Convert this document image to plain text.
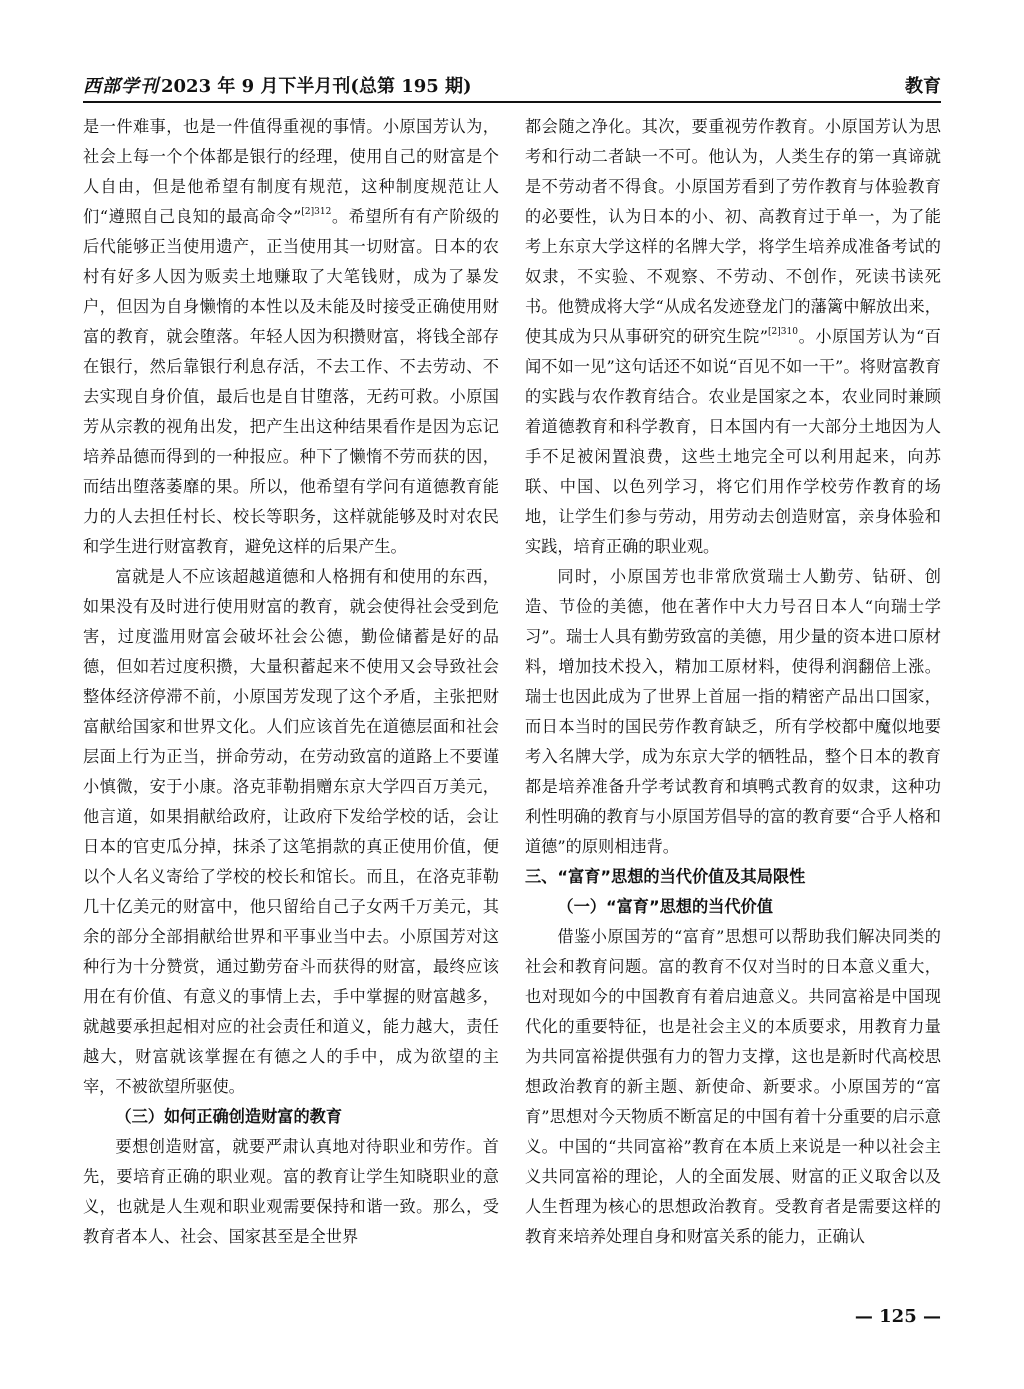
西部学刊 2023 年 9 月下半月刊(总第 195 期)	教育

是一件难事，也是一件值得重视的事情。小原国芳认为，社会上每一个个体都是银行的经理，使用自己的财富是个人自由，但是他希望有制度有规范，这种制度规范让人们“遵照自己良知的最高命令”$^{[2]312}$。希望所有有产阶级的后代能够正当使用遗产，正当使用其一切财富。日本的农村有好多人因为贩卖土地赚取了大笔钱财，成为了暴发户，但因为自身懒惰的本性以及未能及时接受正确使用财富的教育，就会堕落。年轻人因为积攒财富，将钱全部存在银行，然后靠银行利息存活，不去工作、不去劳动、不去实现自身价值，最后也是自甘堕落，无药可救。小原国芳从宗教的视角出发，把产生出这种结果看作是因为忘记培养品德而得到的一种报应。种下了懒惰不劳而获的因，而结出堕落萎靡的果。所以，他希望有学问有道德教育能力的人去担任村长、校长等职务，这样就能够及时对农民和学生进行财富教育，避免这样的后果产生。

富就是人不应该超越道德和人格拥有和使用的东西，如果没有及时进行使用财富的教育，就会使得社会受到危害，过度滥用财富会破坏社会公德，勤俭储蓄是好的品德，但如若过度积攒，大量积蓄起来不使用又会导致社会整体经济停滞不前，小原国芳发现了这个矛盾，主张把财富献给国家和世界文化。人们应该首先在道德层面和社会层面上行为正当，拼命劳动，在劳动致富的道路上不要谨小慎微，安于小康。洛克菲勒捐赠东京大学四百万美元，他言道，如果捐献给政府，让政府下发给学校的话，会让日本的官吏瓜分掉，抹杀了这笔捐款的真正使用价值，便以个人名义寄给了学校的校长和馆长。而且，在洛克菲勒几十亿美元的财富中，他只留给自己子女两千万美元，其余的部分全部捐献给世界和平事业当中去。小原国芳对这种行为十分赞赏，通过勤劳奋斗而获得的财富，最终应该用在有价值、有意义的事情上去，手中掌握的财富越多，就越要承担起相对应的社会责任和道义，能力越大，责任越大，财富就该掌握在有德之人的手中，成为欲望的主宰，不被欲望所驱使。

（三）如何正确创造财富的教育

要想创造财富，就要严肃认真地对待职业和劳作。首先，要培育正确的职业观。富的教育让学生知晓职业的意义，也就是人生观和职业观需要保持和谐一致。那么，受教育者本人、社会、国家甚至是全世界

都会随之净化。其次，要重视劳作教育。小原国芳认为思考和行动二者缺一不可。他认为，人类生存的第一真谛就是不劳动者不得食。小原国芳看到了劳作教育与体验教育的必要性，认为日本的小、初、高教育过于单一，为了能考上东京大学这样的名牌大学，将学生培养成准备考试的奴隶，不实验、不观察、不劳动、不创作，死读书读死书。他赞成将大学“从成名发迹登龙门的藩篱中解放出来，使其成为只从事研究的研究生院”$^{[2]310}$。小原国芳认为“百闻不如一见”这句话还不如说“百见不如一干”。将财富教育的实践与农作教育结合。农业是国家之本，农业同时兼顾着道德教育和科学教育，日本国内有一大部分土地因为人手不足被闲置浪费，这些土地完全可以利用起来，向苏联、中国、以色列学习，将它们用作学校劳作教育的场地，让学生们参与劳动，用劳动去创造财富，亲身体验和实践，培育正确的职业观。

同时，小原国芳也非常欣赏瑞士人勤劳、钻研、创造、节俭的美德，他在著作中大力号召日本人“向瑞士学习”。瑞士人具有勤劳致富的美德，用少量的资本进口原材料，增加技术投入，精加工原材料，使得利润翻倍上涨。瑞士也因此成为了世界上首屈一指的精密产品出口国家，而日本当时的国民劳作教育缺乏，所有学校都中魔似地要考入名牌大学，成为东京大学的牺牲品，整个日本的教育都是培养准备升学考试教育和填鸭式教育的奴隶，这种功利性明确的教育与小原国芳倡导的富的教育要“合乎人格和道德”的原则相违背。

三、“富育”思想的当代价值及其局限性

（一）“富育”思想的当代价值

借鉴小原国芳的“富育”思想可以帮助我们解决同类的社会和教育问题。富的教育不仅对当时的日本意义重大，也对现如今的中国教育有着启迪意义。共同富裕是中国现代化的重要特征，也是社会主义的本质要求，用教育力量为共同富裕提供强有力的智力支撑，这也是新时代高校思想政治教育的新主题、新使命、新要求。小原国芳的“富育”思想对今天物质不断富足的中国有着十分重要的启示意义。中国的“共同富裕”教育在本质上来说是一种以社会主义共同富裕的理论，人的全面发展、财富的正义取舍以及人生哲理为核心的思想政治教育。受教育者是需要这样的教育来培养处理自身和财富关系的能力，正确认

— 125 —
